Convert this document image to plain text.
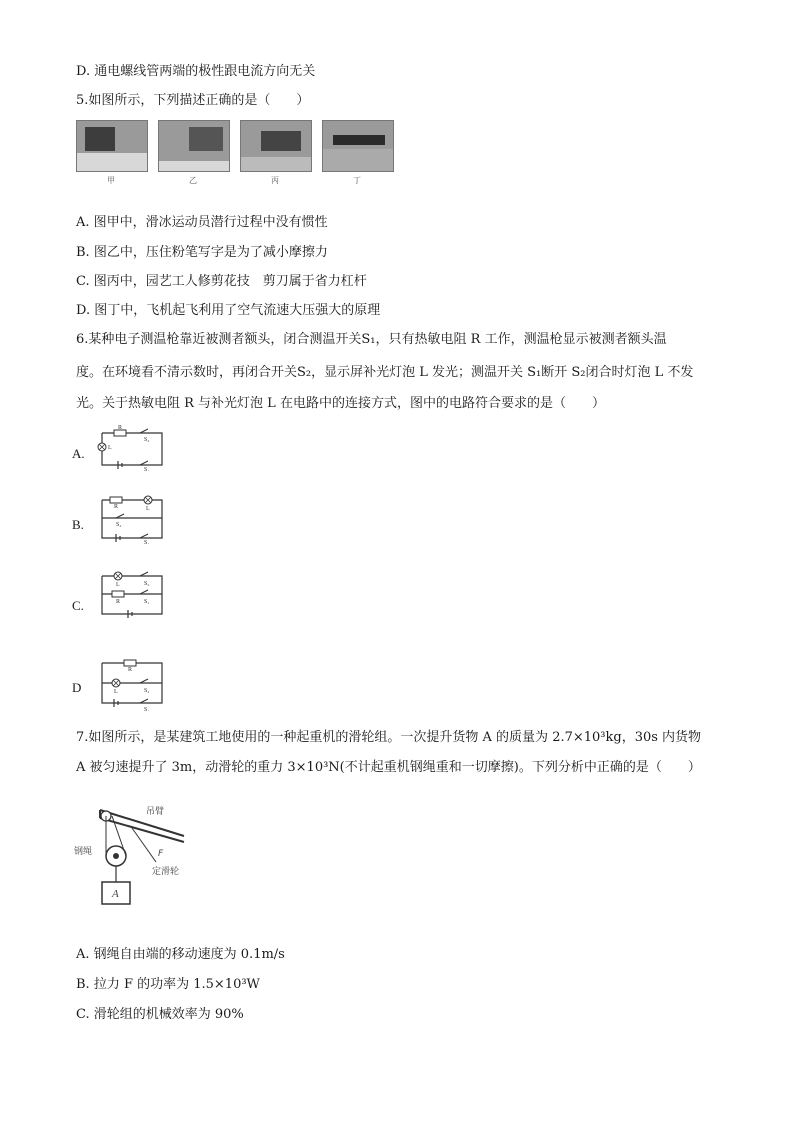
D. 通电螺线管两端的极性跟电流方向无关
5.如图所示，下列描述正确的是（　　）
甲	乙	丙	丁
A. 图甲中，滑冰运动员潜行过程中没有惯性
B. 图乙中，压住粉笔写字是为了减小摩擦力
C. 图丙中，园艺工人修剪花技　剪刀属于省力杠杆
D. 图丁中，飞机起飞利用了空气流速大压强大的原理
6.某种电子测温枪靠近被测者额头，闭合测温开关S₁，只有热敏电阻 R 工作，测温枪显示被测者额头温
度。在环境看不清示数时，再闭合开关S₂，显示屏补光灯泡 L 发光；测温开关 S₁断开 S₂闭合时灯泡 L 不发
光。关于热敏电阻 R 与补光灯泡 L 在电路中的连接方式，图中的电路符合要求的是（　　）
A.
R
S₂
L
S₁
B.
R	L
S₂
S₁
C.
L	S₂
R	S₁
D
R
L	S₂
S₁
7.如图所示，是某建筑工地使用的一种起重机的滑轮组。一次提升货物 A 的质量为 2.7×10³kg，30s 内货物
A 被匀速提升了 3m，动滑轮的重力 3×10³N(不计起重机钢绳重和一切摩擦)。下列分析中正确的是（　　）
A
吊臂
钢绳
定滑轮
F
A. 钢绳自由端的移动速度为 0.1m/s
B. 拉力 F 的功率为 1.5×10³W
C. 滑轮组的机械效率为 90%
